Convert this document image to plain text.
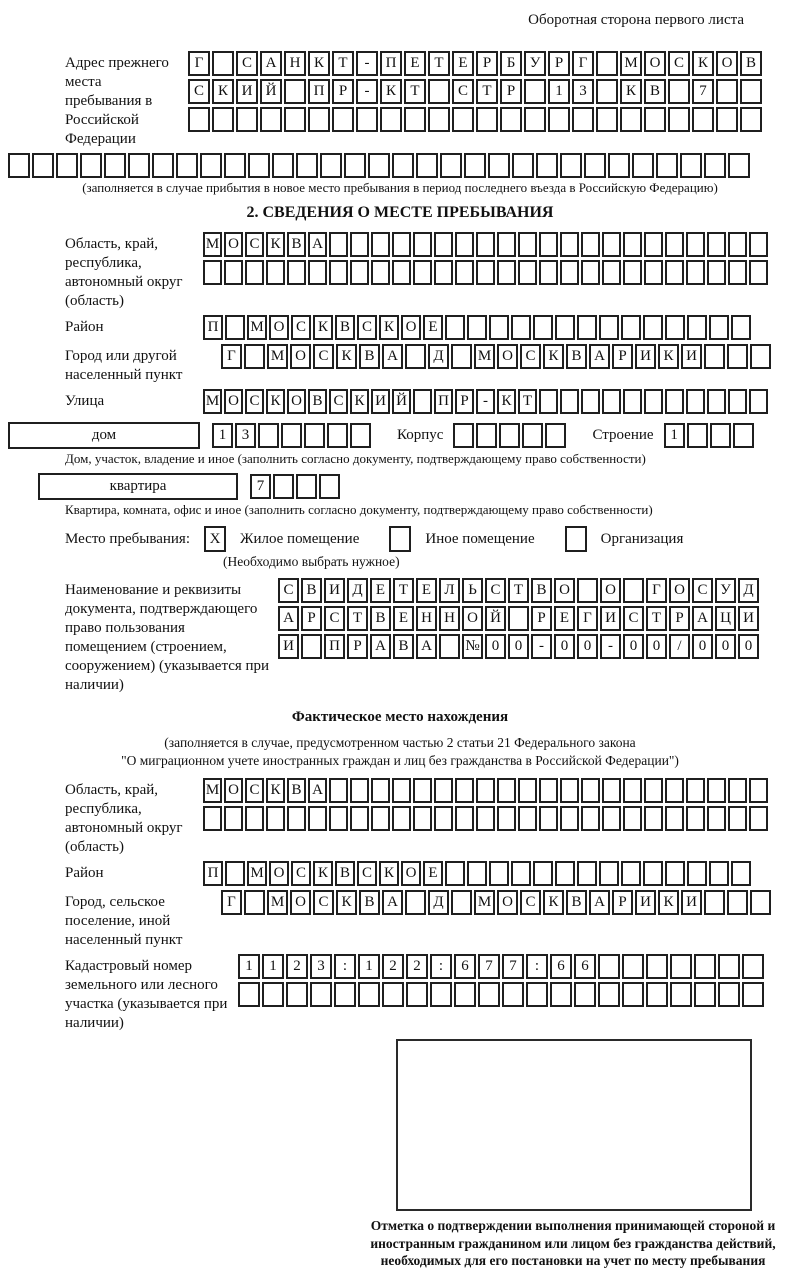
Оборотная сторона первого листа
Адрес прежнего места пребывания в Российской Федерации
Г	С А Н К Т	-	П Е Т Е	Р	Б У Р	Г	М О С К О В
С К И Й	П Р	-	К Т	С Т	Р	1	3	К В	7
(заполняется в случае прибытия в новое место пребывания в период последнего въезда в Российскую Федерацию)
2. СВЕДЕНИЯ О МЕСТЕ ПРЕБЫВАНИЯ
Область, край, республика, автономный округ (область)
М О С К В А
Район	П	М О С К В С К О Е
Город или другой населенный пункт
Г	М О С К В А	Д	М О С К В А Р И К И
Улица	М О С К О В С К И Й П Р - К Т
дом	1	3	Корпус	Строение	1
Дом, участок, владение и иное (заполнить согласно документу, подтверждающему право собственности)
квартира	7
Квартира, комната, офис и иное (заполнить согласно документу, подтверждающему право собственности)
Место пребывания:	X	Жилое помещение	Иное помещение	Организация
(Необходимо выбрать нужное)
Наименование и реквизиты документа, подтверждающего право пользования помещением (строением, сооружением) (указывается при наличии)
С В И Д Е Т Е Л Ь С Т В О	О	Г О С У Д
А Р С Т В Е Н Н О Й	Р Е Г И С Т Р А Ц И
И	П Р А В А	№ 0	0	-	0	0	-	0	0	/	0	0	0
Фактическое место нахождения
(заполняется в случае, предусмотренном частью 2 статьи 21 Федерального закона
"О миграционном учете иностранных граждан и лиц без гражданства в Российской Федерации")
Область, край, республика, автономный округ (область)
М О С К В А
Район	П	М О С К В С К О Е
Город, сельское поселение, иной населенный пункт
Г	М О С К В А	Д	М О С К В А Р И К И
Кадастровый номер земельного или лесного участка (указывается при наличии)
1	1	2	3	:	1	2	2	:	6	7	7	:	6	6
Отметка о подтверждении выполнения принимающей стороной и иностранным гражданином или лицом без гражданства действий, необходимых для его постановки на учет по месту пребывания
